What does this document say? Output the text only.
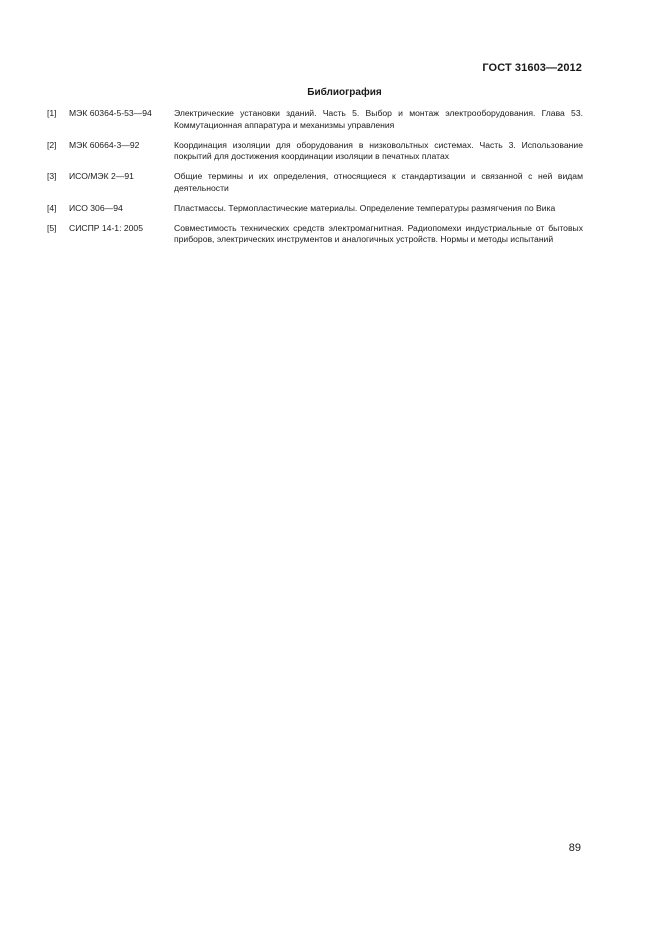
ГОСТ 31603—2012
Библиография
[1]	МЭК 60364-5-53—94	Электрические установки зданий. Часть 5. Выбор и монтаж электрооборудования. Глава 53. Коммутационная аппаратура и механизмы управления
[2]	МЭК 60664-3—92	Координация изоляции для оборудования в низковольтных системах. Часть 3. Использование покрытий для достижения координации изоляции в печатных платах
[3]	ИСО/МЭК 2—91	Общие термины и их определения, относящиеся к стандартизации и связанной с ней видам деятельности
[4]	ИСО 306—94	Пластмассы. Термопластические материалы. Определение температуры размягчения по Вика
[5]	СИСПР 14-1: 2005	Совместимость технических средств электромагнитная. Радиопомехи индустриальные от бытовых приборов, электрических инструментов и аналогичных устройств. Нормы и методы испытаний
89
